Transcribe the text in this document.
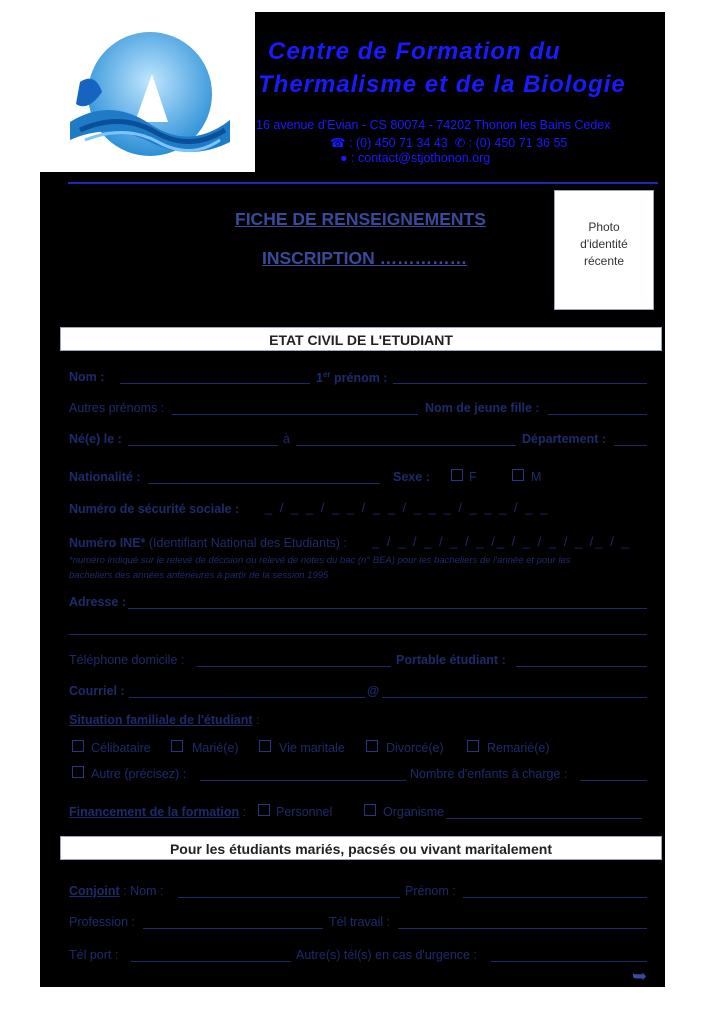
Centre de Formation du
Thermalisme et de la Biologie
16 avenue d'Evian - CS 80074 - 74202 Thonon les Bains Cedex
☎ : (0) 450 71 34 43  ✆ : (0) 450 71 36 55
● : contact@stjothonon.org
FICHE DE RENSEIGNEMENTS
INSCRIPTION ……………
Photo
d'identité
récente
ETAT CIVIL DE L'ETUDIANT
Nom :	1er prénom :
Autres prénoms :	Nom de jeune fille :
Né(e) le :	à	Département :
Nationalité :	Sexe :	F	M
Numéro de sécurité sociale : _ / _ _ / _ _ / _ _ / _ _ _ / _ _ _ / _ _
Numéro INE* (Identifiant National des Etudiants) : _ / _ / _ / _ / _ /_ / _ / _ / _ /_ / _
*numéro indiqué sur le relevé de décision ou relevé de notes du bac (n° BEA) pour les bacheliers de l'année et pour les
bacheliers des années antérieures à partir de la session 1995
Adresse :
Téléphone domicile :	Portable étudiant :
Courriel :	@
Situation familiale de l'étudiant :
Célibataire	Marié(e)	Vie maritale	Divorcé(e)	Remarié(e)
Autre (précisez) :	Nombre d'enfants à charge :
Financement de la formation : Personnel	Organisme
Pour les étudiants mariés, pacsés ou vivant maritalement
Conjoint : Nom :	Prénom :
Profession :	Tél travail :
Tél port :	Autre(s) tél(s) en cas d'urgence :
➥
